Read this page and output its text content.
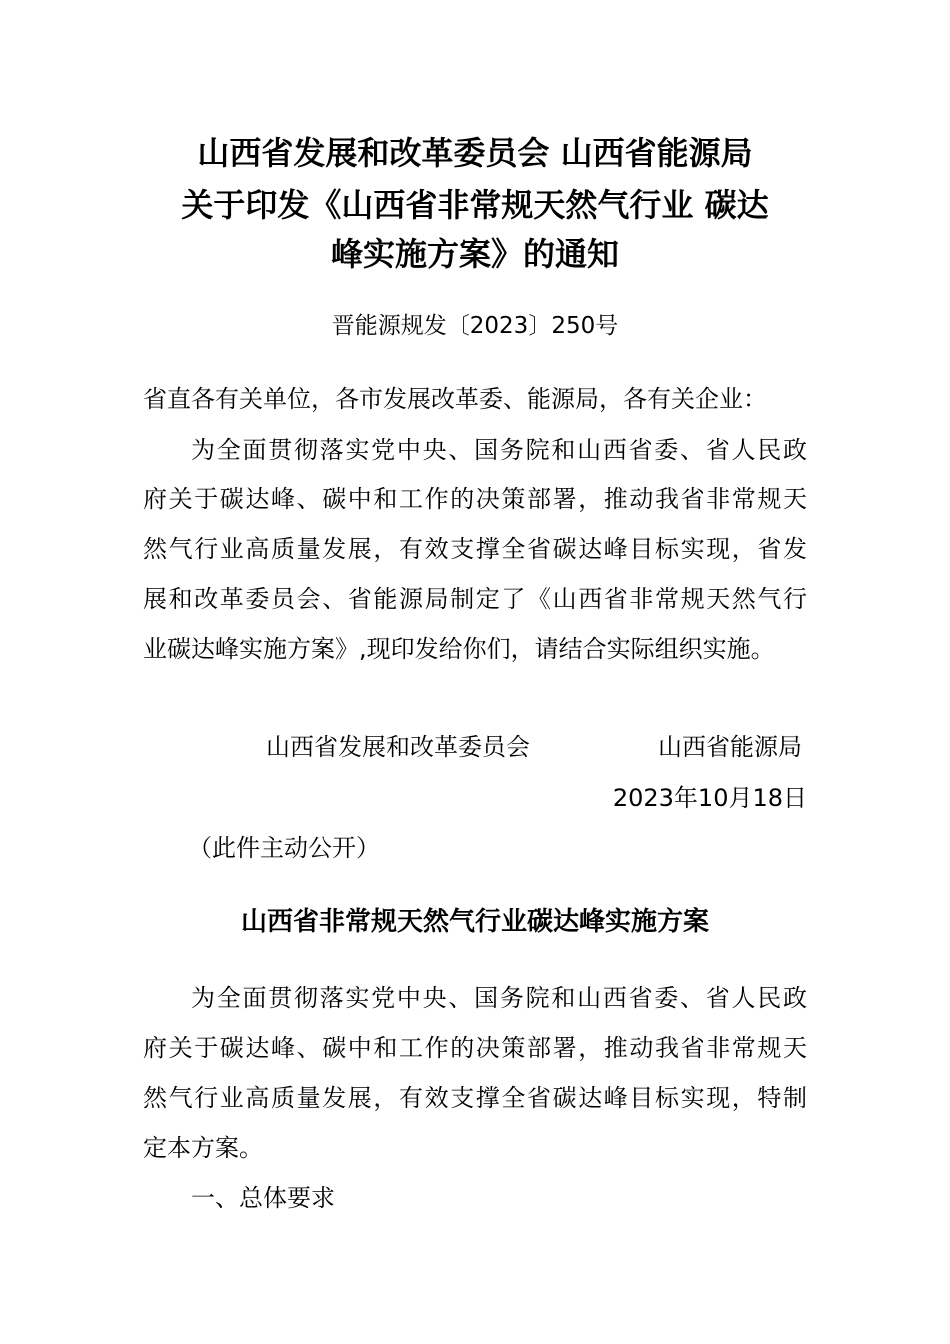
山西省发展和改革委员会 山西省能源局
关于印发《山西省非常规天然气行业 碳达
峰实施方案》的通知
晋能源规发〔2023〕250号
省直各有关单位，各市发展改革委、能源局，各有关企业：
为全面贯彻落实党中央、国务院和山西省委、省人民政
府关于碳达峰、碳中和工作的决策部署，推动我省非常规天
然气行业高质量发展，有效支撑全省碳达峰目标实现，省发
展和改革委员会、省能源局制定了《山西省非常规天然气行
业碳达峰实施方案》,现印发给你们，请结合实际组织实施。
山西省发展和改革委员会	山西省能源局
2023年10月18日
（此件主动公开）
山西省非常规天然气行业碳达峰实施方案
为全面贯彻落实党中央、国务院和山西省委、省人民政
府关于碳达峰、碳中和工作的决策部署，推动我省非常规天
然气行业高质量发展，有效支撑全省碳达峰目标实现，特制
定本方案。
一、总体要求
